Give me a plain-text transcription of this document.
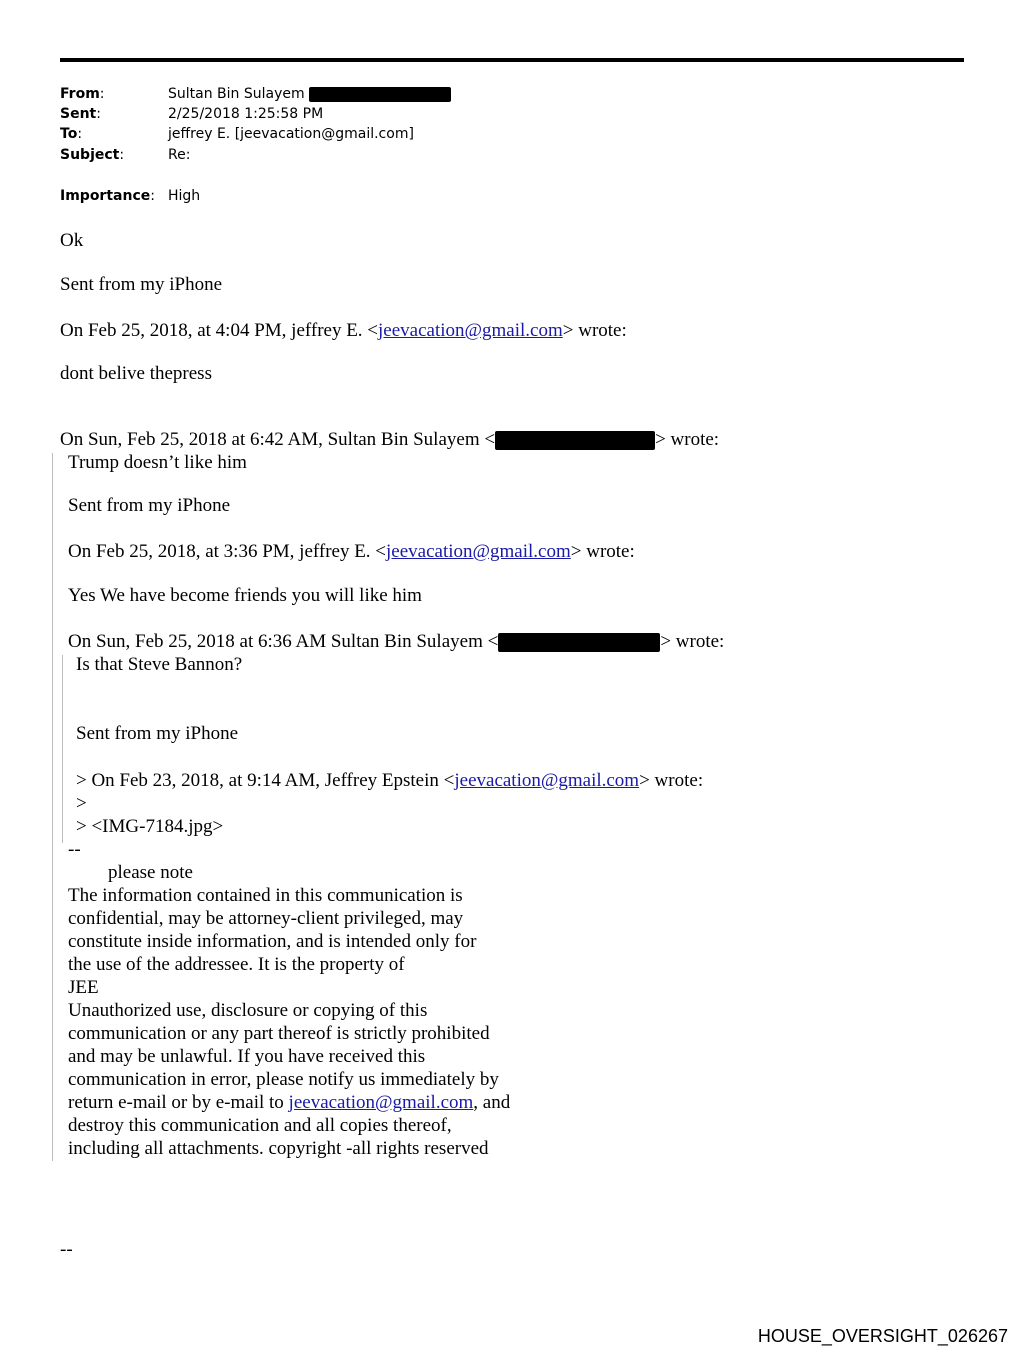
From:	Sultan Bin Sulayem
Sent:	2/25/2018 1:25:58 PM
To:	jeffrey E. [jeevacation@gmail.com]
Subject:	Re:
Importance: High
Ok
Sent from my iPhone
On Feb 25, 2018, at 4:04 PM, jeffrey E. <jeevacation@gmail.com> wrote:
dont belive thepress
On Sun, Feb 25, 2018 at 6:42 AM, Sultan Bin Sulayem <	> wrote:
Trump doesn’t like him
Sent from my iPhone
On Feb 25, 2018, at 3:36 PM, jeffrey E. <jeevacation@gmail.com> wrote:
Yes We have become friends you will like him
On Sun, Feb 25, 2018 at 6:36 AM Sultan Bin Sulayem <	> wrote:
Is that Steve Bannon?
Sent from my iPhone
> On Feb 23, 2018, at 9:14 AM, Jeffrey Epstein <jeevacation@gmail.com> wrote:
>
> <IMG-7184.jpg>
--
please note
The information contained in this communication is
confidential, may be attorney-client privileged, may
constitute inside information, and is intended only for
the use of the addressee. It is the property of
JEE
Unauthorized use, disclosure or copying of this
communication or any part thereof is strictly prohibited
and may be unlawful. If you have received this
communication in error, please notify us immediately by
return e-mail or by e-mail to jeevacation@gmail.com, and
destroy this communication and all copies thereof,
including all attachments. copyright -all rights reserved
--
HOUSE_OVERSIGHT_026267
